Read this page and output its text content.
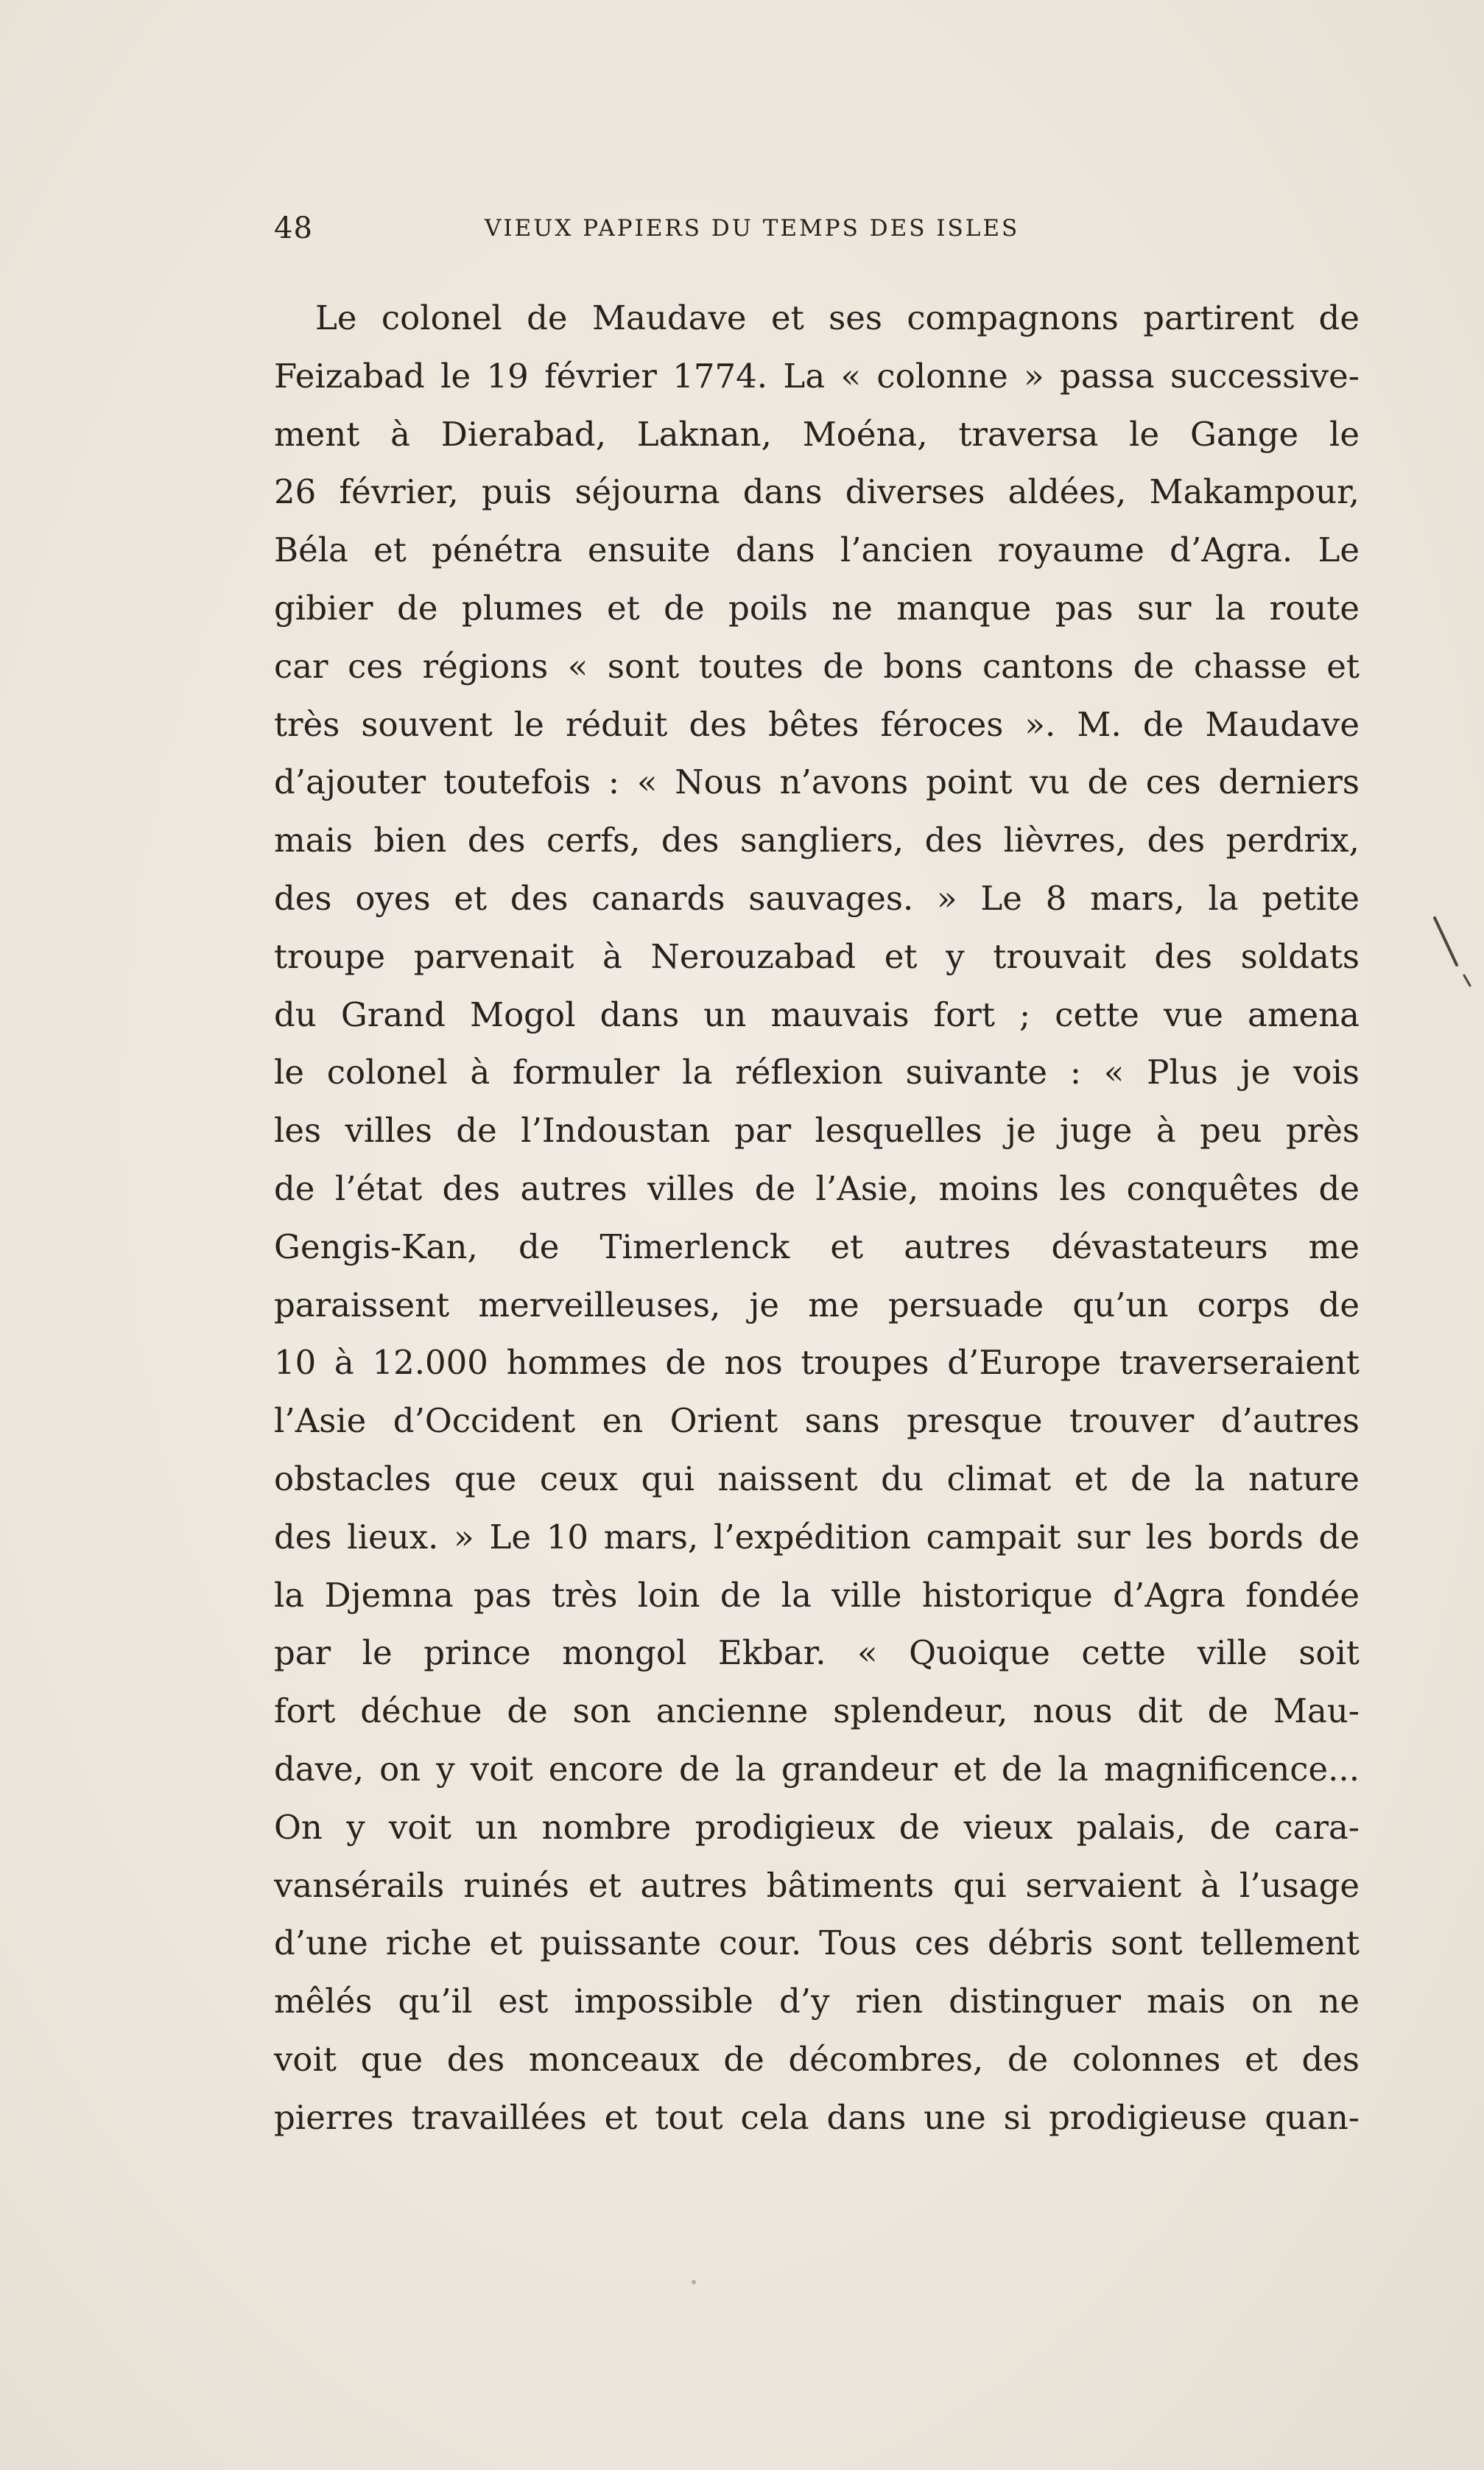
48	VIEUX PAPIERS DU TEMPS DES ISLES
Le colonel de Maudave et ses compagnons partirent de
Feizabad le 19 février 1774. La « colonne » passa successive-
ment à Dierabad, Laknan, Moéna, traversa le Gange le
26 février, puis séjourna dans diverses aldées, Makampour,
Béla et pénétra ensuite dans l’ancien royaume d’Agra. Le
gibier de plumes et de poils ne manque pas sur la route
car ces régions « sont toutes de bons cantons de chasse et
très souvent le réduit des bêtes féroces ». M. de Maudave
d’ajouter toutefois : « Nous n’avons point vu de ces derniers
mais bien des cerfs, des sangliers, des lièvres, des perdrix,
des oyes et des canards sauvages. » Le 8 mars, la petite
troupe parvenait à Nerouzabad et y trouvait des soldats
du Grand Mogol dans un mauvais fort ; cette vue amena
le colonel à formuler la réflexion suivante : « Plus je vois
les villes de l’Indoustan par lesquelles je juge à peu près
de l’état des autres villes de l’Asie, moins les conquêtes de
Gengis-Kan, de Timerlenck et autres dévastateurs me
paraissent merveilleuses, je me persuade qu’un corps de
10 à 12.000 hommes de nos troupes d’Europe traverseraient
l’Asie d’Occident en Orient sans presque trouver d’autres
obstacles que ceux qui naissent du climat et de la nature
des lieux. » Le 10 mars, l’expédition campait sur les bords de
la Djemna pas très loin de la ville historique d’Agra fondée
par le prince mongol Ekbar. « Quoique cette ville soit
fort déchue de son ancienne splendeur, nous dit de Mau-
dave, on y voit encore de la grandeur et de la magnificence...
On y voit un nombre prodigieux de vieux palais, de cara-
vansérails ruinés et autres bâtiments qui servaient à l’usage
d’une riche et puissante cour. Tous ces débris sont tellement
mêlés qu’il est impossible d’y rien distinguer mais on ne
voit que des monceaux de décombres, de colonnes et des
pierres travaillées et tout cela dans une si prodigieuse quan-
